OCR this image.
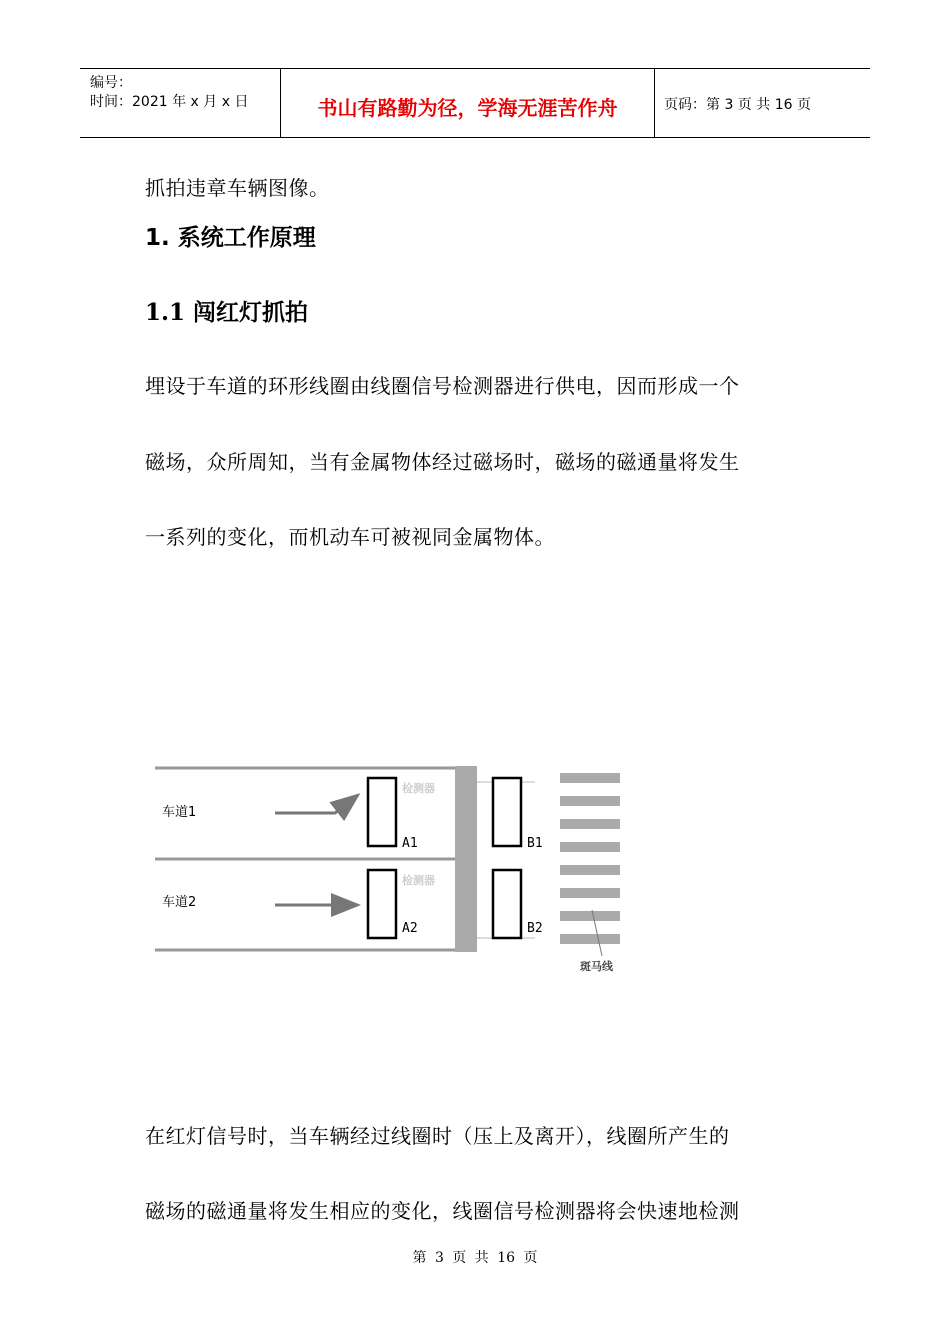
编号：
时间：2021 年 x 月 x 日	书山有路勤为径，学海无涯苦作舟	页码：第 3 页 共 16 页
抓拍违章车辆图像。
1. 系统工作原理
1.1 闯红灯抓拍
埋设于车道的环形线圈由线圈信号检测器进行供电，因而形成一个
磁场，众所周知，当有金属物体经过磁场时，磁场的磁通量将发生
一系列的变化，而机动车可被视同金属物体。
车道1
车道2
检测器
检测器
A1
A2
B1
B2
斑马线
在红灯信号时，当车辆经过线圈时（压上及离开），线圈所产生的
磁场的磁通量将发生相应的变化，线圈信号检测器将会快速地检测
第 3 页 共 16 页
